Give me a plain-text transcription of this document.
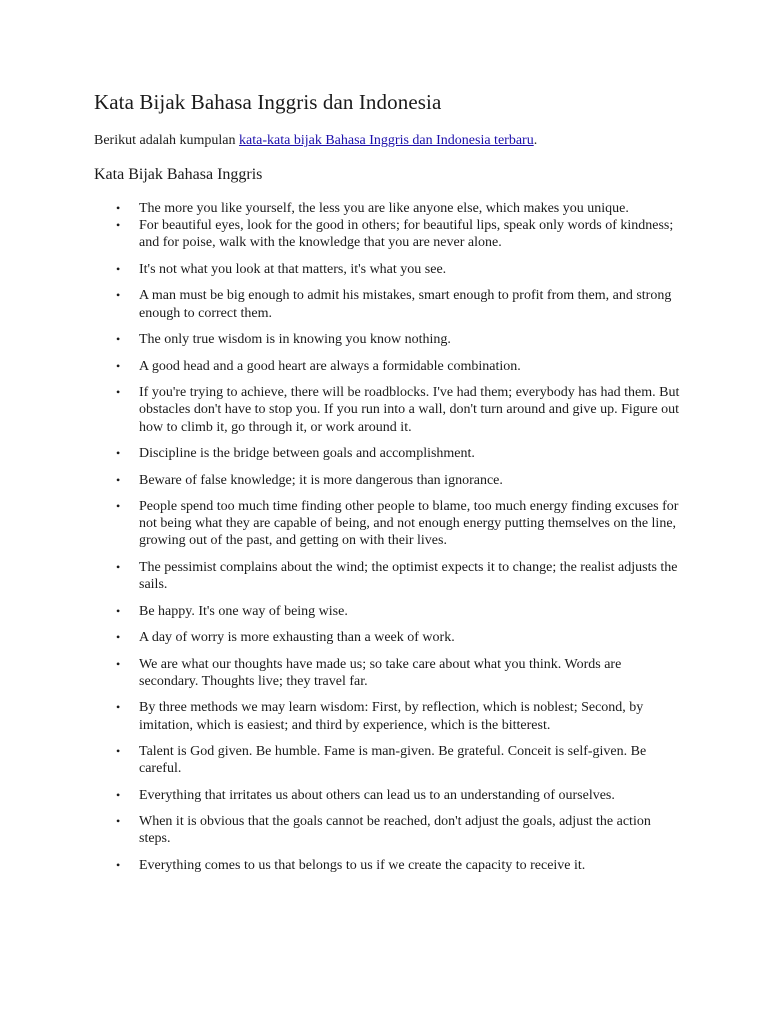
Kata Bijak Bahasa Inggris dan Indonesia

Berikut adalah kumpulan kata-kata bijak Bahasa Inggris dan Indonesia terbaru.

Kata Bijak Bahasa Inggris
• The more you like yourself, the less you are like anyone else, which makes you unique.
• For beautiful eyes, look for the good in others; for beautiful lips, speak only words of kindness; and for poise, walk with the knowledge that you are never alone.
• It's not what you look at that matters, it's what you see.
• A man must be big enough to admit his mistakes, smart enough to profit from them, and strong enough to correct them.
• The only true wisdom is in knowing you know nothing.
• A good head and a good heart are always a formidable combination.
• If you're trying to achieve, there will be roadblocks. I've had them; everybody has had them. But obstacles don't have to stop you. If you run into a wall, don't turn around and give up. Figure out how to climb it, go through it, or work around it.
• Discipline is the bridge between goals and accomplishment.
• Beware of false knowledge; it is more dangerous than ignorance.
• People spend too much time finding other people to blame, too much energy finding excuses for not being what they are capable of being, and not enough energy putting themselves on the line, growing out of the past, and getting on with their lives.
• The pessimist complains about the wind; the optimist expects it to change; the realist adjusts the sails.
• Be happy. It's one way of being wise.
• A day of worry is more exhausting than a week of work.
• We are what our thoughts have made us; so take care about what you think. Words are secondary. Thoughts live; they travel far.
• By three methods we may learn wisdom: First, by reflection, which is noblest; Second, by imitation, which is easiest; and third by experience, which is the bitterest.
• Talent is God given. Be humble. Fame is man-given. Be grateful. Conceit is self-given. Be careful.
• Everything that irritates us about others can lead us to an understanding of ourselves.
• When it is obvious that the goals cannot be reached, don't adjust the goals, adjust the action steps.
• Everything comes to us that belongs to us if we create the capacity to receive it.
